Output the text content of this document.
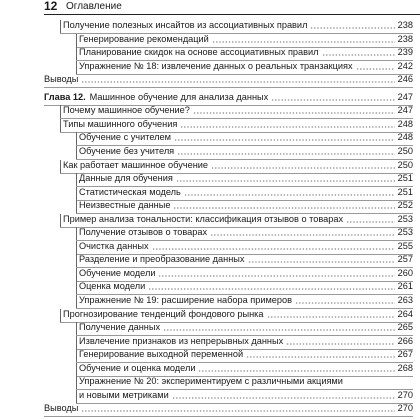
12 Оглавление
Получение полезных инсайтов из ассоциативных правил	238
Генерирование рекомендаций	238
Планирование скидок на основе ассоциативных правил	239
Упражнение № 18: извлечение данных о реальных транзакциях	242
Выводы	246
Глава 12. Машинное обучение для анализа данных	247
Почему машинное обучение?	247
Типы машинного обучения	248
Обучение с учителем	248
Обучение без учителя	250
Как работает машинное обучение	250
Данные для обучения	251
Статистическая модель	251
Неизвестные данные	252
Пример анализа тональности: классификация отзывов о товарах	253
Получение отзывов о товарах	253
Очистка данных	255
Разделение и преобразование данных	257
Обучение модели	260
Оценка модели	261
Упражнение № 19: расширение набора примеров	263
Прогнозирование тенденций фондового рынка	264
Получение данных	265
Извлечение признаков из непрерывных данных	266
Генерирование выходной переменной	267
Обучение и оценка модели	268
Упражнение № 20: экспериментируем с различными акциями
и новыми метриками	270
Выводы	270
